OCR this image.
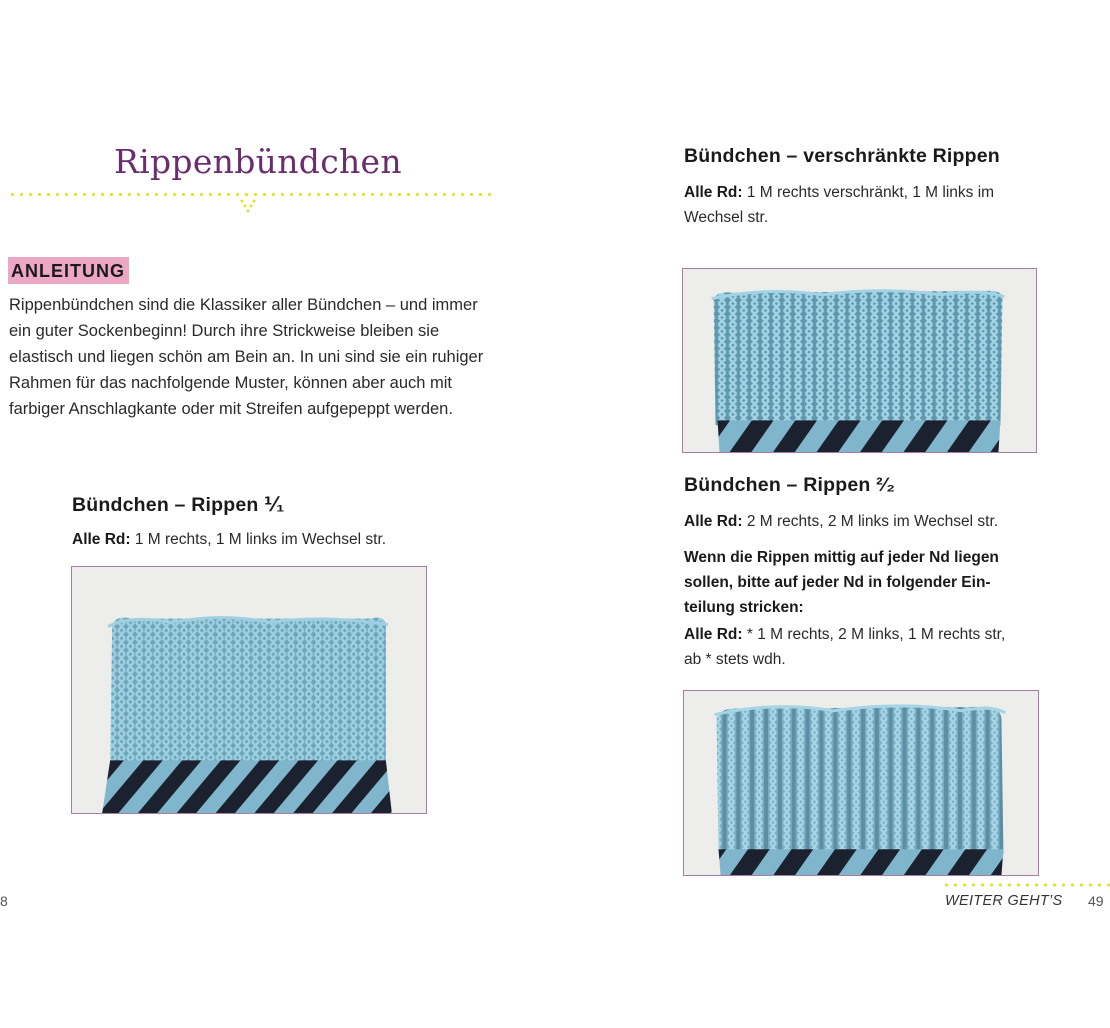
Rippenbündchen
ANLEITUNG
Rippenbündchen sind die Klassiker aller Bündchen – und immer
ein guter Sockenbeginn! Durch ihre Strickweise bleiben sie
elastisch und liegen schön am Bein an. In uni sind sie ein ruhiger
Rahmen für das nachfolgende Muster, können aber auch mit
farbiger Anschlagkante oder mit Streifen aufgepeppt werden.
Bündchen – Rippen ⅟₁
Alle Rd: 1 M rechts, 1 M links im Wechsel str.
8
Bündchen – verschränkte Rippen
Alle Rd: 1 M rechts verschränkt, 1 M links im
Wechsel str.
Bündchen – Rippen ²⁄₂
Alle Rd: 2 M rechts, 2 M links im Wechsel str.
Wenn die Rippen mittig auf jeder Nd liegen
sollen, bitte auf jeder Nd in folgender Ein-
teilung stricken:
Alle Rd: * 1 M rechts, 2 M links, 1 M rechts str,
ab * stets wdh.
WEITER GEHT’S 49
